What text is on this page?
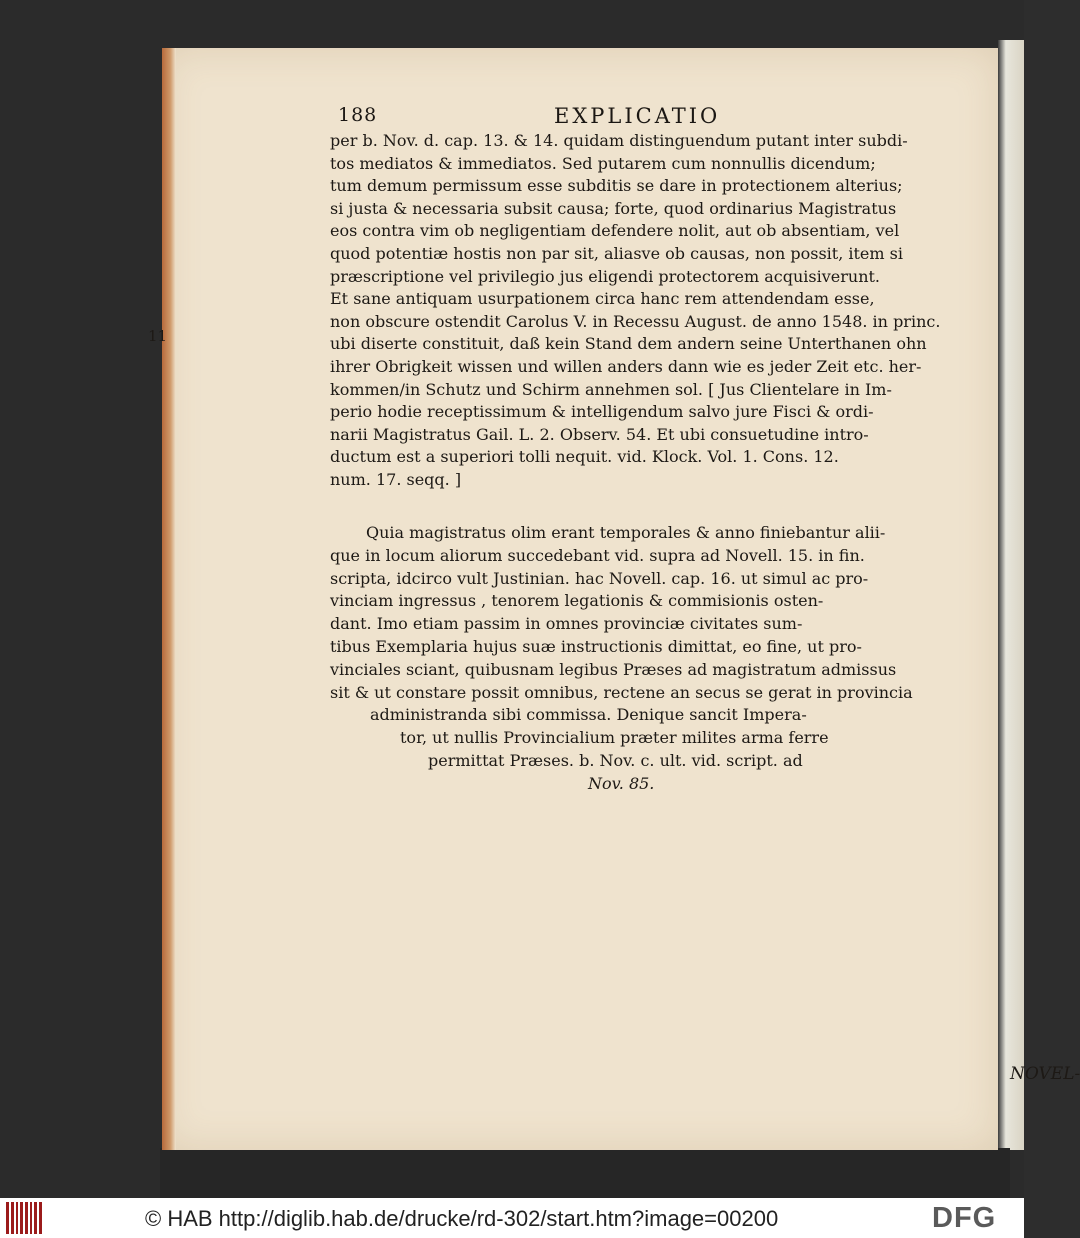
188	EXPLICATIO
NOVEL-
11
per b. Nov. d. cap. 13. & 14. quidam distinguendum putant inter subdi-
tos mediatos & immediatos. Sed putarem cum nonnullis dicendum;
tum demum permissum esse subditis se dare in protectionem alterius;
si justa & necessaria subsit causa; forte, quod ordinarius Magistratus
eos contra vim ob negligentiam defendere nolit, aut ob absentiam, vel
quod potentiæ hostis non par sit, aliasve ob causas, non possit, item si
præscriptione vel privilegio jus eligendi protectorem acquisiverunt.
Et sane antiquam usurpationem circa hanc rem attendendam esse,
non obscure ostendit Carolus V. in Recessu August. de anno 1548. in princ.
ubi diserte constituit, daß kein Stand dem andern seine Unterthanen ohn
ihrer Obrigkeit wissen und willen anders dann wie es jeder Zeit etc. her-
kommen/in Schutz und Schirm annehmen sol. [ Jus Clientelare in Im-
perio hodie receptissimum & intelligendum salvo jure Fisci & ordi-
narii Magistratus Gail. L. 2. Observ. 54. Et ubi consuetudine intro-
ductum est a superiori tolli nequit. vid. Klock. Vol. 1. Cons. 12.
num. 17. seqq. ]
Quia magistratus olim erant temporales & anno finiebantur alii-
que in locum aliorum succedebant vid. supra ad Novell. 15. in fin.
scripta, idcirco vult Justinian. hac Novell. cap. 16. ut simul ac pro-
vinciam ingressus , tenorem legationis & commisionis osten-
dant. Imo etiam passim in omnes provinciæ civitates sum-
tibus Exemplaria hujus suæ instructionis dimittat, eo fine, ut pro-
vinciales sciant, quibusnam legibus Præses ad magistratum admissus
sit & ut constare possit omnibus, rectene an secus se gerat in provincia
administranda sibi commissa. Denique sancit Impera-
tor, ut nullis Provincialium præter milites arma ferre
permittat Præses. b. Nov. c. ult. vid. script. ad
Nov. 85.
© HAB http://diglib.hab.de/drucke/rd-302/start.htm?image=00200	DFG
